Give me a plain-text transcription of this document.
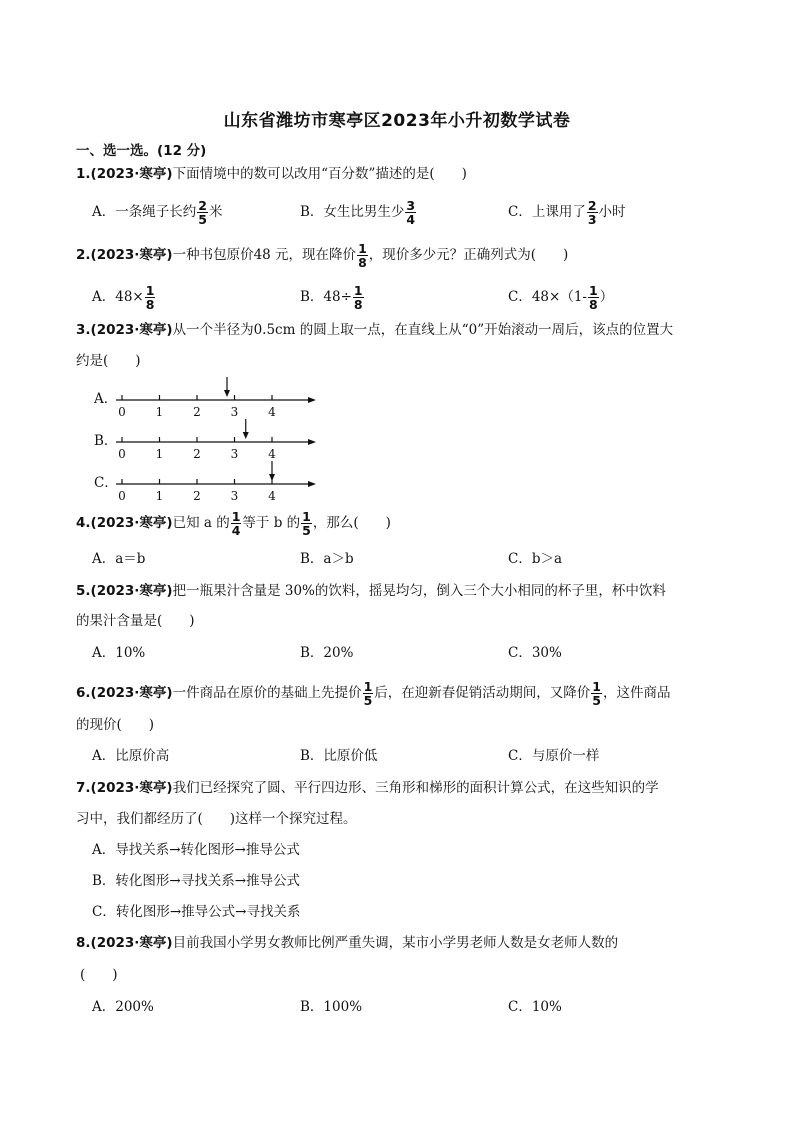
山东省潍坊市寒亭区2023年小升初数学试卷
一、选一选。(12 分)
1.(2023·寒亭)下面情境中的数可以改用“百分数”描述的是(　　)
A．一条绳子长约 $\frac{2}{5}$ 米	B．女生比男生少 $\frac{3}{4}$	C．上课用了 $\frac{2}{3}$ 小时
2.(2023·寒亭)一种书包原价48 元，现在降价 $\frac{1}{8}$ ，现价多少元？正确列式为(　　)
A．$48\times \frac{1}{8}$	B．$48\div \frac{1}{8}$	C．$48\times(1- \frac{1}{8}$ ）
3.(2023·寒亭)从一个半径为0.5cm 的圆上取一点，在直线上从“0”开始滚动一周后，该点的位置大
约是(　　)
A．
B．
C．
0 1 2 3 4
0 1 2 3 4
0 1 2 3 4
4.(2023·寒亭)已知 a 的 $\frac{1}{4}$ 等于 b 的 $\frac{1}{5}$ ，那么(　　)
A．a＝b	B．a＞b	C．b＞a
5.(2023·寒亭)把一瓶果汁含量是 30%的饮料，摇晃均匀，倒入三个大小相同的杯子里，杯中饮料
的果汁含量是(　　)
A．10%	B．20%	C．30%
6.(2023·寒亭)一件商品在原价的基础上先提价 $\frac{1}{5}$ 后，在迎新春促销活动期间，又降价 $\frac{1}{5}$ ，这件商品
的现价(　　)
A．比原价高	B．比原价低	C．与原价一样
7.(2023·寒亭)我们已经探究了圆、平行四边形、三角形和梯形的面积计算公式，在这些知识的学
习中，我们都经历了(　　)这样一个探究过程。
A．导找关系→转化图形→推导公式
B．转化图形→寻找关系→推导公式
C．转化图形→推导公式→寻找关系
8.(2023·寒亭)目前我国小学男女教师比例严重失调，某市小学男老师人数是女老师人数的
(　　)
A．200%	B．100%	C．10%
